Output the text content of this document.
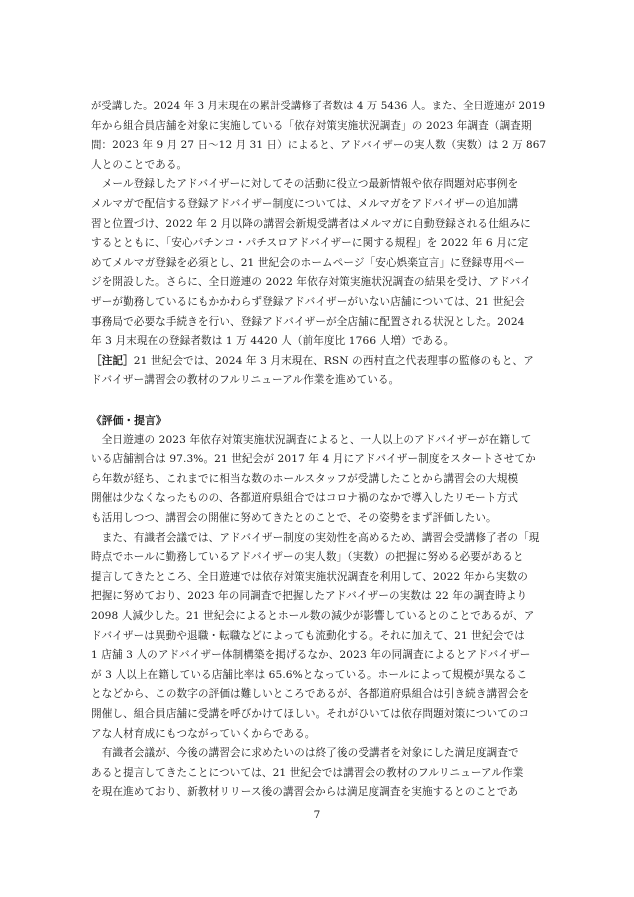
が受講した。2024 年 3 月末現在の累計受講修了者数は 4 万 5436 人。また、全日遊連が 2019
年から組合員店舗を対象に実施している「依存対策実施状況調査」の 2023 年調査（調査期
間：2023 年 9 月 27 日～12 月 31 日）によると、アドバイザーの実人数（実数）は 2 万 867
人とのことである。
　メール登録したアドバイザーに対してその活動に役立つ最新情報や依存問題対応事例を
メルマガで配信する登録アドバイザー制度については、メルマガをアドバイザーの追加講
習と位置づけ、2022 年 2 月以降の講習会新規受講者はメルマガに自動登録される仕組みに
するとともに、「安心パチンコ・パチスロアドバイザーに関する規程」を 2022 年 6 月に定
めてメルマガ登録を必須とし、21 世紀会のホームページ「安心娯楽宣言」に登録専用ペー
ジを開設した。さらに、全日遊連の 2022 年依存対策実施状況調査の結果を受け、アドバイ
ザーが勤務しているにもかかわらず登録アドバイザーがいない店舗については、21 世紀会
事務局で必要な手続きを行い、登録アドバイザーが全店舗に配置される状況とした。2024
年 3 月末現在の登録者数は 1 万 4420 人（前年度比 1766 人増）である。
［注記］21 世紀会では、2024 年 3 月末現在、RSN の西村直之代表理事の監修のもと、ア
ドバイザー講習会の教材のフルリニューアル作業を進めている。
《評価・提言》
　全日遊連の 2023 年依存対策実施状況調査によると、一人以上のアドバイザーが在籍して
いる店舗割合は 97.3%。21 世紀会が 2017 年 4 月にアドバイザー制度をスタートさせてか
ら年数が経ち、これまでに相当な数のホールスタッフが受講したことから講習会の大規模
開催は少なくなったものの、各都道府県組合ではコロナ禍のなかで導入したリモート方式
も活用しつつ、講習会の開催に努めてきたとのことで、その姿勢をまず評価したい。
　また、有識者会議では、アドバイザー制度の実効性を高めるため、講習会受講修了者の「現
時点でホールに勤務しているアドバイザーの実人数」（実数）の把握に努める必要があると
提言してきたところ、全日遊連では依存対策実施状況調査を利用して、2022 年から実数の
把握に努めており、2023 年の同調査で把握したアドバイザーの実数は 22 年の調査時より
2098 人減少した。21 世紀会によるとホール数の減少が影響しているとのことであるが、ア
ドバイザーは異動や退職・転職などによっても流動化する。それに加えて、21 世紀会では
1 店舗 3 人のアドバイザー体制構築を掲げるなか、2023 年の同調査によるとアドバイザー
が 3 人以上在籍している店舗比率は 65.6%となっている。ホールによって規模が異なるこ
となどから、この数字の評価は難しいところであるが、各都道府県組合は引き続き講習会を
開催し、組合員店舗に受講を呼びかけてほしい。それがひいては依存問題対策についてのコ
アな人材育成にもつながっていくからである。
　有識者会議が、今後の講習会に求めたいのは終了後の受講者を対象にした満足度調査で
あると提言してきたことについては、21 世紀会では講習会の教材のフルリニューアル作業
を現在進めており、新教材リリース後の講習会からは満足度調査を実施するとのことであ
7
